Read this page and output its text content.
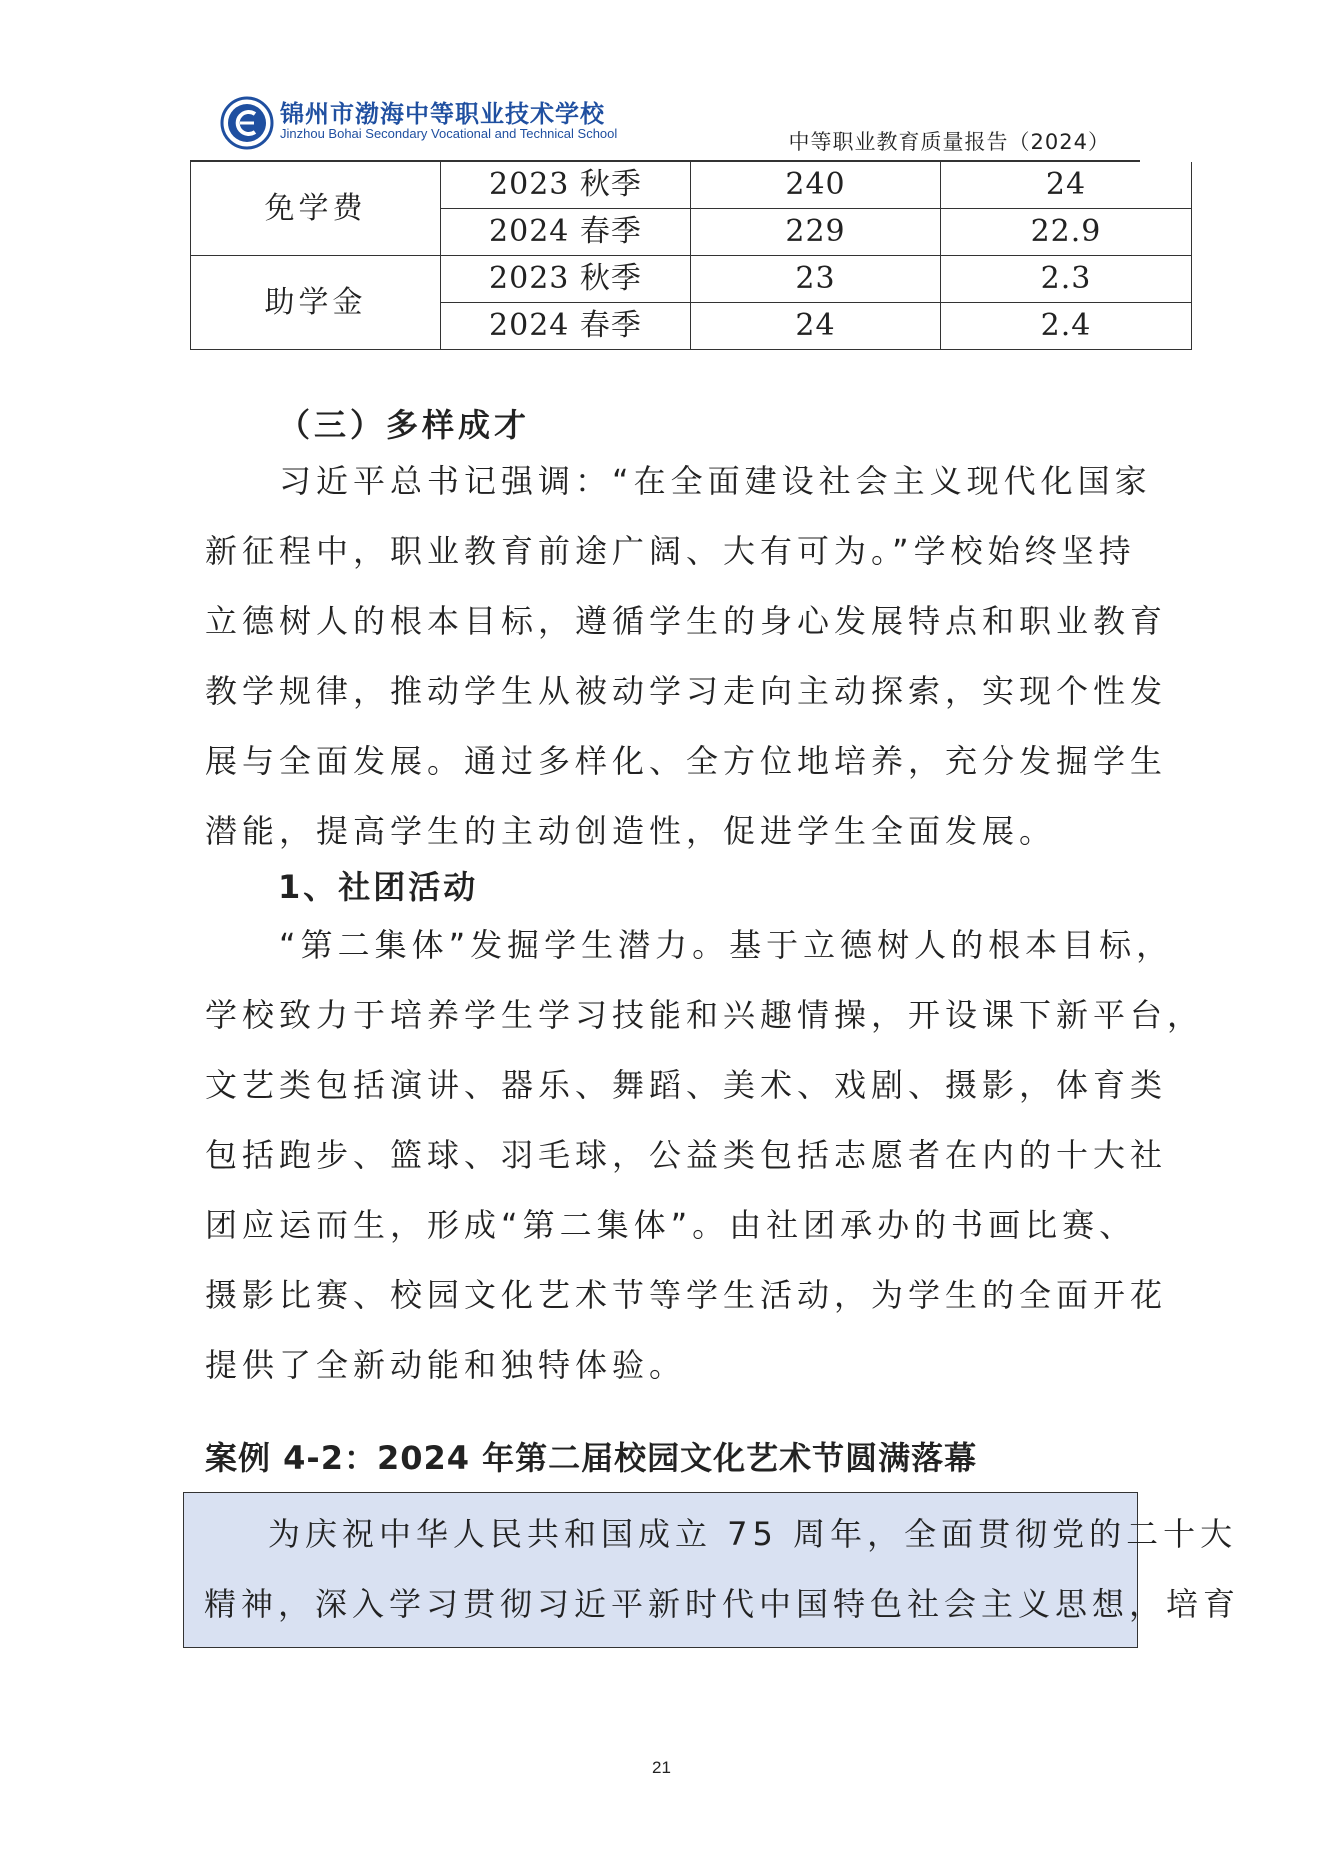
锦州市渤海中等职业技术学校
Jinzhou Bohai Secondary Vocational and Technical School	中等职业教育质量报告（2024）
免学费	2023 秋季	240	24
	2024 春季	229	22.9
助学金	2023 秋季	23	2.3
	2024 春季	24	2.4
（三）多样成才
习近平总书记强调：“在全面建设社会主义现代化国家
新征程中，职业教育前途广阔、大有可为。”学校始终坚持
立德树人的根本目标，遵循学生的身心发展特点和职业教育
教学规律，推动学生从被动学习走向主动探索，实现个性发
展与全面发展。通过多样化、全方位地培养，充分发掘学生
潜能，提高学生的主动创造性，促进学生全面发展。
1、社团活动
“第二集体”发掘学生潜力。基于立德树人的根本目标，
学校致力于培养学生学习技能和兴趣情操，开设课下新平台，
文艺类包括演讲、器乐、舞蹈、美术、戏剧、摄影，体育类
包括跑步、篮球、羽毛球，公益类包括志愿者在内的十大社
团应运而生，形成“第二集体”。由社团承办的书画比赛、
摄影比赛、校园文化艺术节等学生活动，为学生的全面开花
提供了全新动能和独特体验。
案例 4-2：2024 年第二届校园文化艺术节圆满落幕
为庆祝中华人民共和国成立 75 周年，全面贯彻党的二十大
精神，深入学习贯彻习近平新时代中国特色社会主义思想，培育
21
